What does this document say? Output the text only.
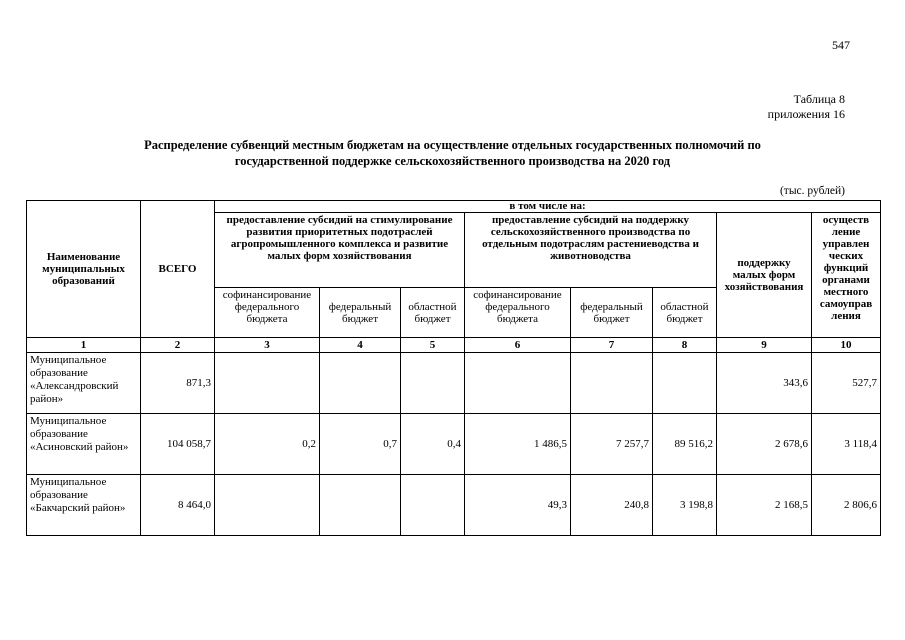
547
Таблица 8
приложения 16
Распределение субвенций местным бюджетам на осуществление отдельных государственных полномочий по
государственной поддержке сельскохозяйственного производства на 2020 год
(тыс. рублей)
Наименование муниципальных образований	ВСЕГО	в том числе на:							
		предоставление субсидий на стимулирование развития приоритетных подотраслей агропромышленного комплекса и развитие малых форм хозяйствования			предоставление субсидий на поддержку сельскохозяйственного производства по отдельным подотраслям растениеводства и животноводства			поддержку малых форм хозяйствования	осуществ ление управлен ческих функций органами местного самоуправ ления
		софинансирование федерального бюджета	федеральный бюджет	областной бюджет	софинансирование федерального бюджета	федеральный бюджет	областной бюджет		
1	2	3	4	5	6	7	8	9	10
Муниципальное образование «Александровский район»	871,3							343,6	527,7
Муниципальное образование «Асиновский район»	104 058,7	0,2	0,7	0,4	1 486,5	7 257,7	89 516,2	2 678,6	3 118,4
Муниципальное образование «Бакчарский район»	8 464,0				49,3	240,8	3 198,8	2 168,5	2 806,6
